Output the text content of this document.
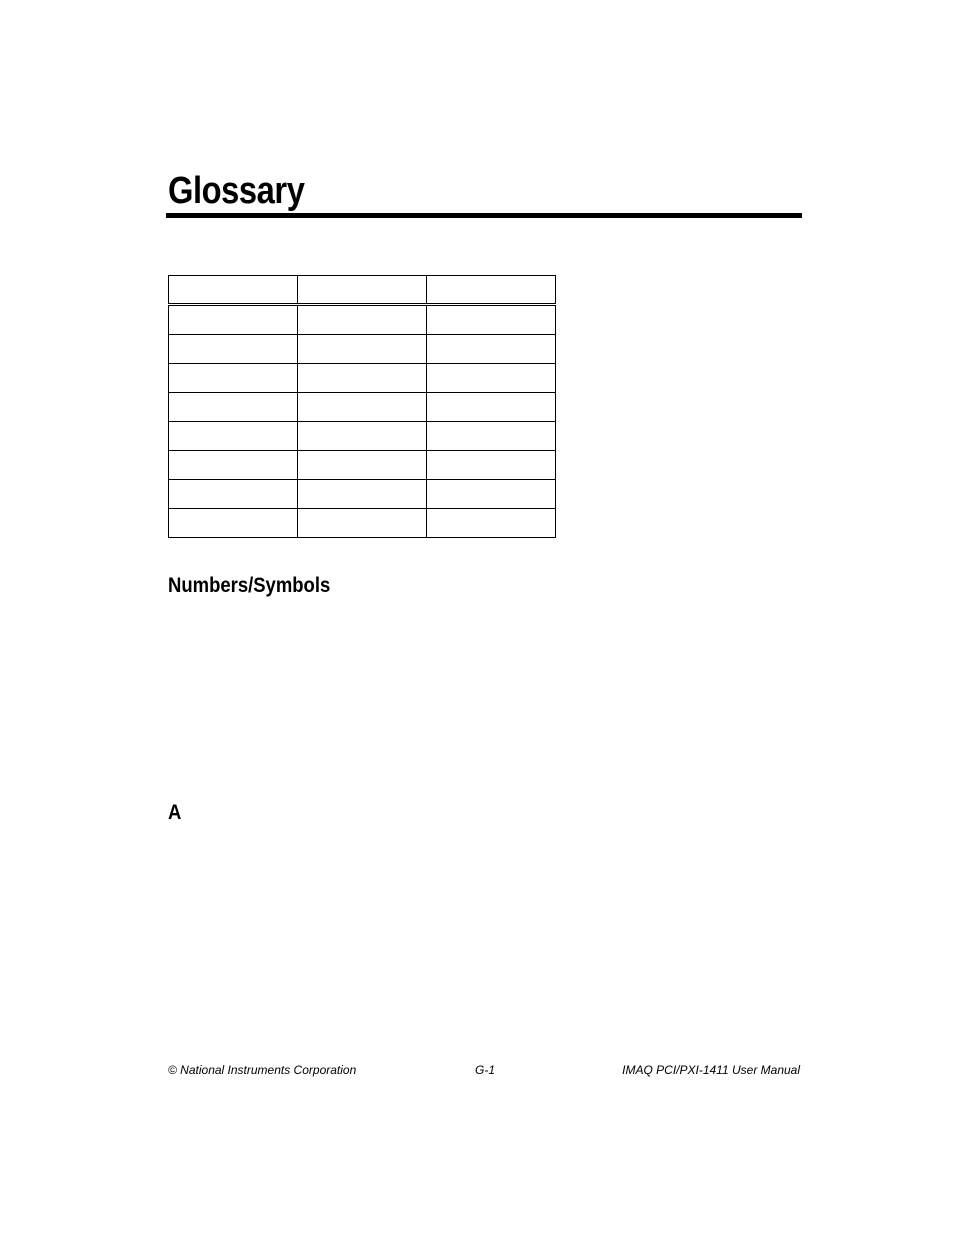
Glossary

Numbers/Symbols
A
© National Instruments Corporation	G-1	IMAQ PCI/PXI-1411 User Manual
